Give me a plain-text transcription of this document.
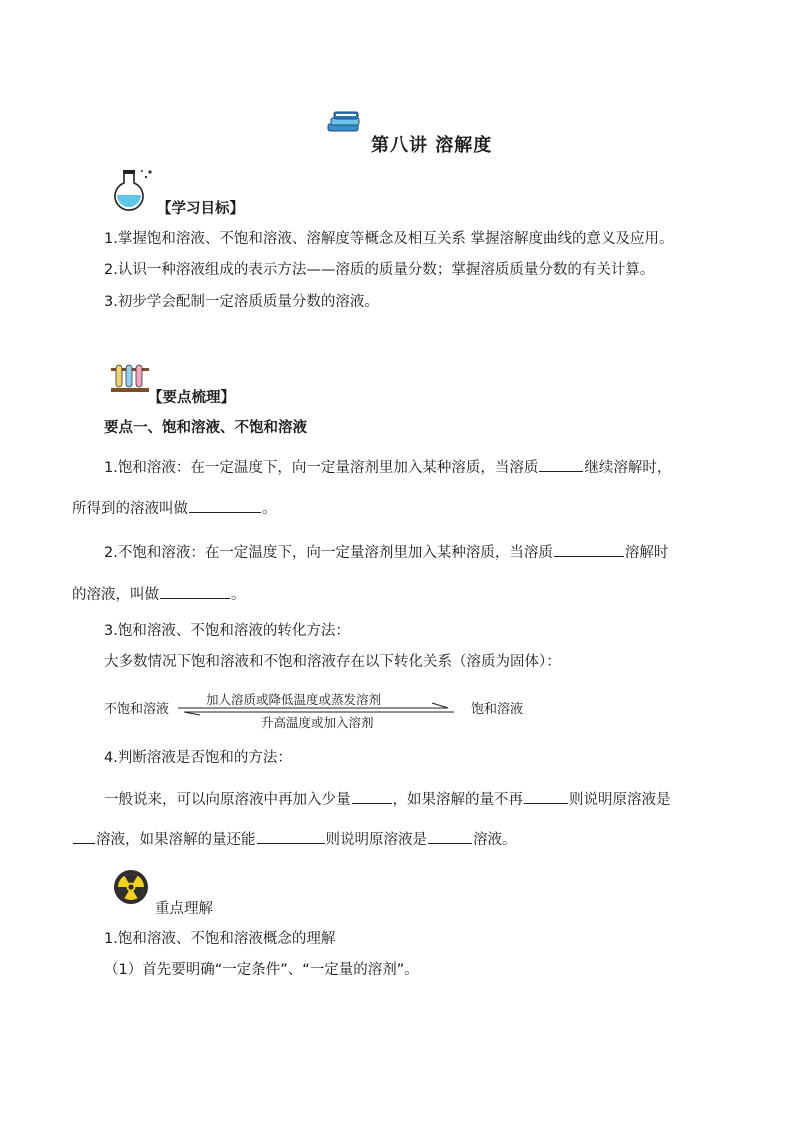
第八讲 溶解度
【学习目标】
1.掌握饱和溶液、不饱和溶液、溶解度等概念及相互关系 掌握溶解度曲线的意义及应用。
2.认识一种溶液组成的表示方法——溶质的质量分数；掌握溶质质量分数的有关计算。
3.初步学会配制一定溶质质量分数的溶液。
【要点梳理】
要点一、饱和溶液、不饱和溶液
1.饱和溶液：在一定温度下，向一定量溶剂里加入某种溶质，当溶质	继续溶解时，
所得到的溶液叫做	。
2.不饱和溶液：在一定温度下，向一定量溶剂里加入某种溶质，当溶质	溶解时
的溶液，叫做	。
3.饱和溶液、不饱和溶液的转化方法：
大多数情况下饱和溶液和不饱和溶液存在以下转化关系（溶质为固体）：
不饱和溶液
加人溶质或降低温度或蒸发溶剂
升高温度或加入溶剂
饱和溶液
4.判断溶液是否饱和的方法：
一般说来，可以向原溶液中再加入少量	，如果溶解的量不再	则说明原溶液是
溶液，如果溶解的量还能	则说明原溶液是	溶液。
重点理解
1.饱和溶液、不饱和溶液概念的理解
（1）首先要明确“一定条件”、“一定量的溶剂”。
